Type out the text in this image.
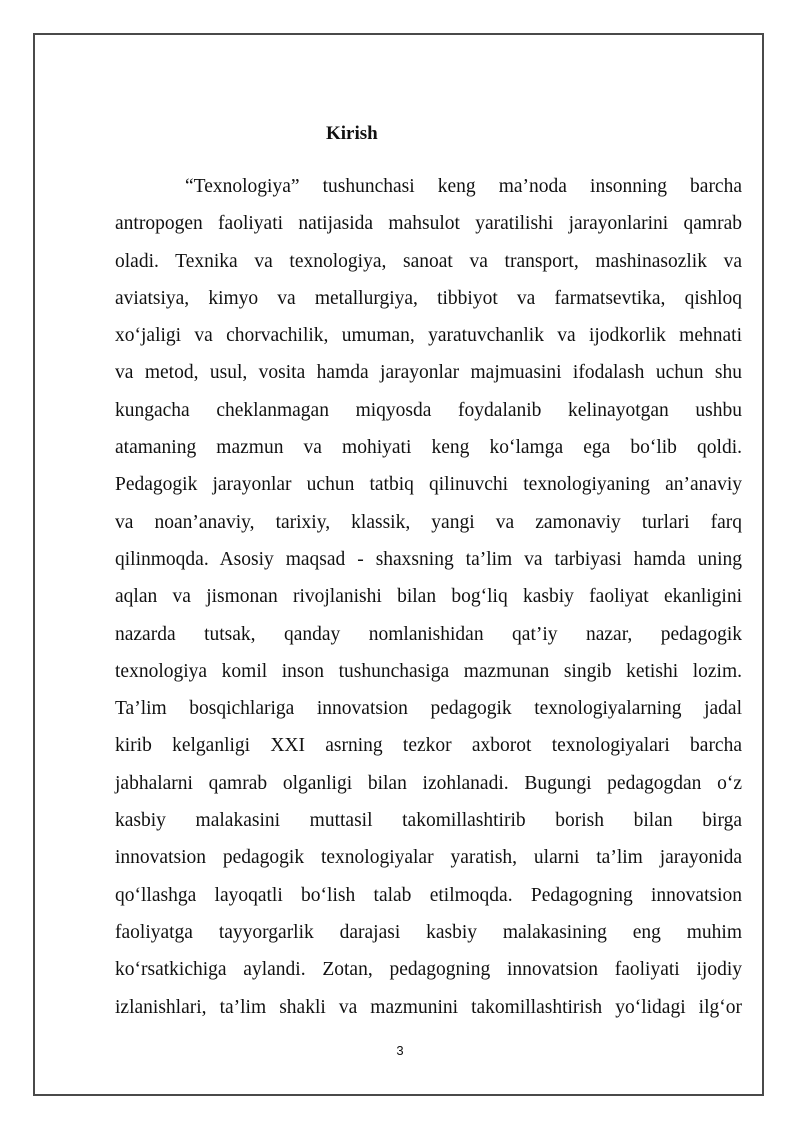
Kirish
“Texnologiya” tushunchasi keng ma’noda insonning barcha
antropogen faoliyati natijasida mahsulot yaratilishi jarayonlarini qamrab
oladi. Texnika va texnologiya, sanoat va transport, mashinasozlik va
aviatsiya, kimyo va metallurgiya, tibbiyot va farmatsevtika, qishloq
xo‘jaligi va chorvachilik, umuman, yaratuvchanlik va ijodkorlik mehnati
va metod, usul, vosita hamda jarayonlar majmuasini ifodalash uchun shu
kungacha cheklanmagan miqyosda foydalanib kelinayotgan ushbu
atamaning mazmun va mohiyati keng ko‘lamga ega bo‘lib qoldi.
Pedagogik jarayonlar uchun tatbiq qilinuvchi texnologiyaning an’anaviy
va noan’anaviy, tarixiy, klassik, yangi va zamonaviy turlari farq
qilinmoqda. Asosiy maqsad - shaxsning ta’lim va tarbiyasi hamda uning
aqlan va jismonan rivojlanishi bilan bog‘liq kasbiy faoliyat ekanligini
nazarda tutsak, qanday nomlanishidan qat’iy nazar, pedagogik
texnologiya komil inson tushunchasiga mazmunan singib ketishi lozim.
Ta’lim bosqichlariga innovatsion pedagogik texnologiyalarning jadal
kirib kelganligi XXI asrning tezkor axborot texnologiyalari barcha
jabhalarni qamrab olganligi bilan izohlanadi. Bugungi pedagogdan o‘z
kasbiy malakasini muttasil takomillashtirib borish bilan birga
innovatsion pedagogik texnologiyalar yaratish, ularni ta’lim jarayonida
qo‘llashga layoqatli bo‘lish talab etilmoqda. Pedagogning innovatsion
faoliyatga tayyorgarlik darajasi kasbiy malakasining eng muhim
ko‘rsatkichiga aylandi. Zotan, pedagogning innovatsion faoliyati ijodiy
izlanishlari, ta’lim shakli va mazmunini takomillashtirish yo‘lidagi ilg‘or
3
